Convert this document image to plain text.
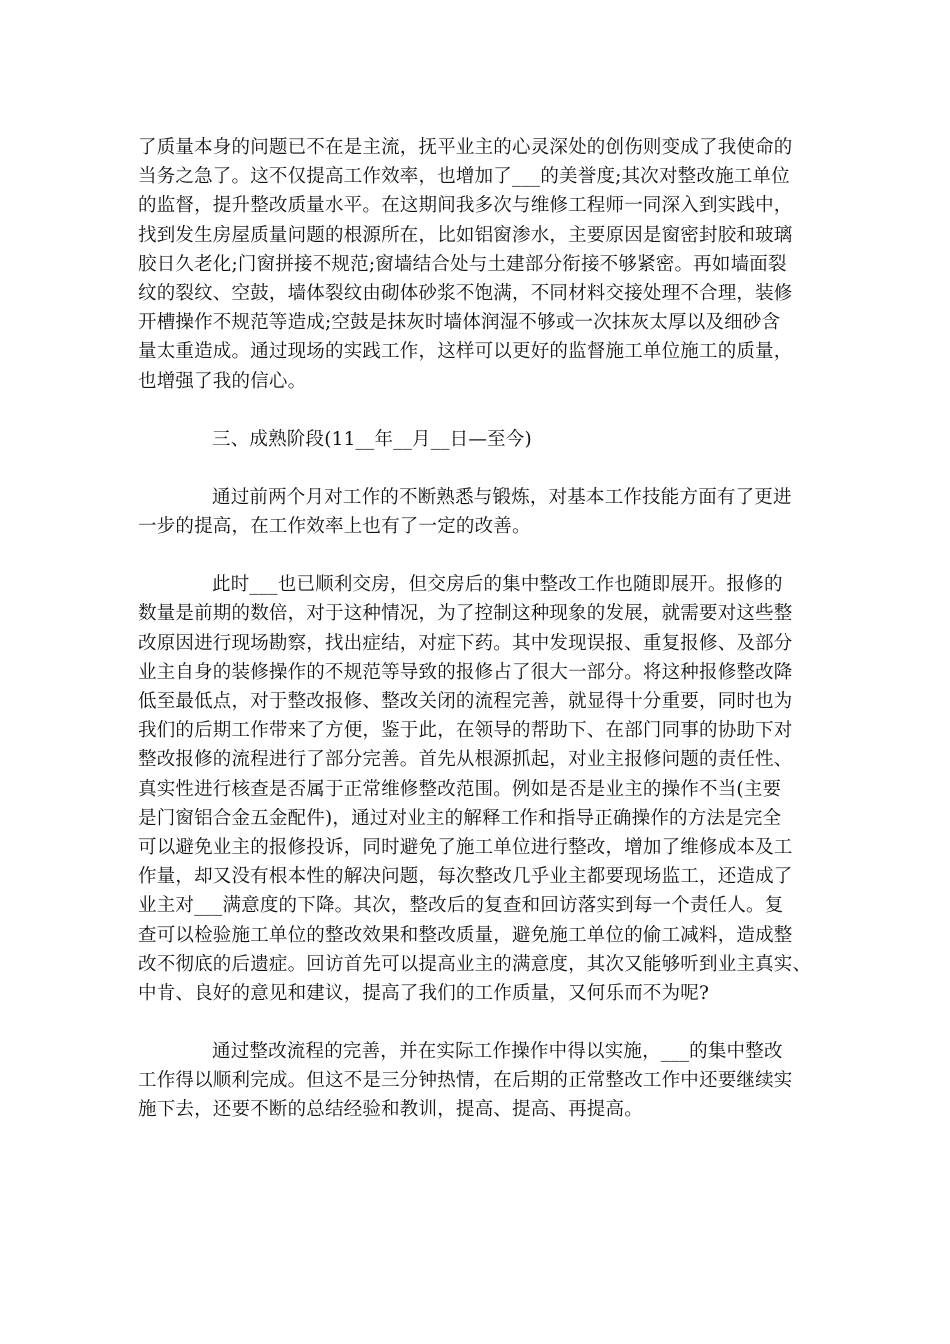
了质量本身的问题已不在是主流，抚平业主的心灵深处的创伤则变成了我使命的
当务之急了。这不仅提高工作效率，也增加了___的美誉度;其次对整改施工单位
的监督，提升整改质量水平。在这期间我多次与维修工程师一同深入到实践中，
找到发生房屋质量问题的根源所在，比如铝窗渗水，主要原因是窗密封胶和玻璃
胶日久老化;门窗拼接不规范;窗墙结合处与土建部分衔接不够紧密。再如墙面裂
纹的裂纹、空鼓，墙体裂纹由砌体砂浆不饱满，不同材料交接处理不合理，装修
开槽操作不规范等造成;空鼓是抹灰时墙体润湿不够或一次抹灰太厚以及细砂含
量太重造成。通过现场的实践工作，这样可以更好的监督施工单位施工的质量，
也增强了我的信心。
三、成熟阶段(11__年__月__日—至今)
通过前两个月对工作的不断熟悉与锻炼，对基本工作技能方面有了更进
一步的提高，在工作效率上也有了一定的改善。
此时___也已顺利交房，但交房后的集中整改工作也随即展开。报修的
数量是前期的数倍，对于这种情况，为了控制这种现象的发展，就需要对这些整
改原因进行现场勘察，找出症结，对症下药。其中发现误报、重复报修、及部分
业主自身的装修操作的不规范等导致的报修占了很大一部分。将这种报修整改降
低至最低点，对于整改报修、整改关闭的流程完善，就显得十分重要，同时也为
我们的后期工作带来了方便，鉴于此，在领导的帮助下、在部门同事的协助下对
整改报修的流程进行了部分完善。首先从根源抓起，对业主报修问题的责任性、
真实性进行核查是否属于正常维修整改范围。例如是否是业主的操作不当(主要
是门窗铝合金五金配件)，通过对业主的解释工作和指导正确操作的方法是完全
可以避免业主的报修投诉，同时避免了施工单位进行整改，增加了维修成本及工
作量，却又没有根本性的解决问题，每次整改几乎业主都要现场监工，还造成了
业主对___满意度的下降。其次，整改后的复查和回访落实到每一个责任人。复
查可以检验施工单位的整改效果和整改质量，避免施工单位的偷工减料，造成整
改不彻底的后遗症。回访首先可以提高业主的满意度，其次又能够听到业主真实、
中肯、良好的意见和建议，提高了我们的工作质量，又何乐而不为呢?
通过整改流程的完善，并在实际工作操作中得以实施，___的集中整改
工作得以顺利完成。但这不是三分钟热情，在后期的正常整改工作中还要继续实
施下去，还要不断的总结经验和教训，提高、提高、再提高。
